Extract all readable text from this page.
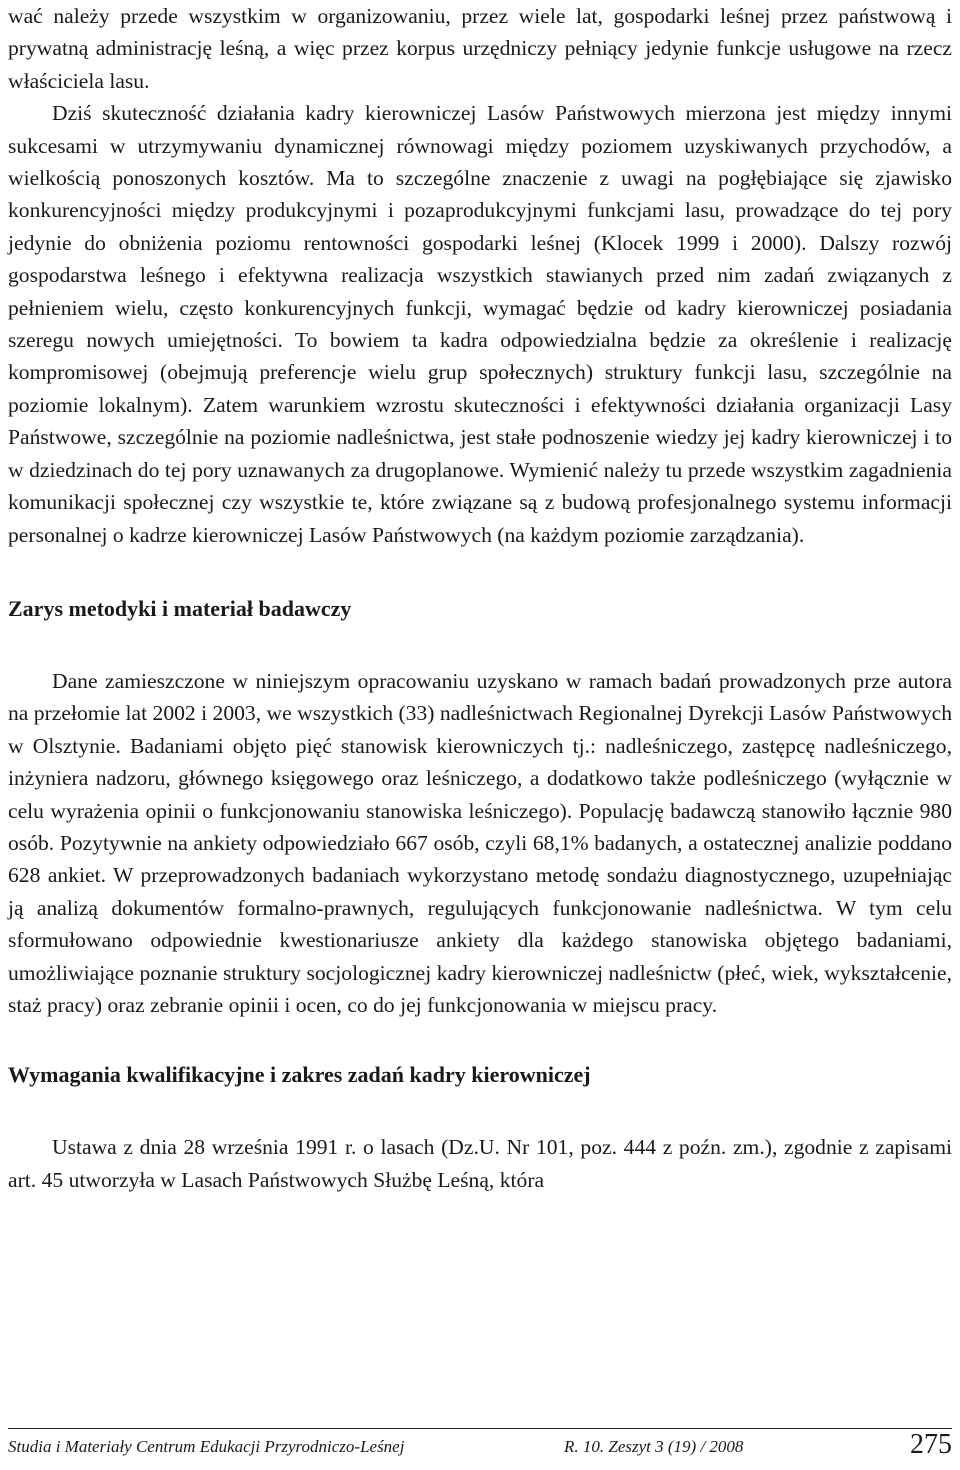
wać należy przede wszystkim w organizowaniu, przez wiele lat, gospodarki leśnej przez państwową i prywatną administrację leśną, a więc przez korpus urzędniczy pełniący jedynie funkcje usługowe na rzecz właściciela lasu.

Dziś skuteczność działania kadry kierowniczej Lasów Państwowych mierzona jest między innymi sukcesami w utrzymywaniu dynamicznej równowagi między poziomem uzyskiwanych przychodów, a wielkością ponoszonych kosztów. Ma to szczególne znaczenie z uwagi na pogłębiające się zjawisko konkurencyjności między produkcyjnymi i pozaprodukcyjnymi funkcjami lasu, prowadzące do tej pory jedynie do obniżenia poziomu rentowności gospodarki leśnej (Klocek 1999 i 2000). Dalszy rozwój gospodarstwa leśnego i efektywna realizacja wszystkich stawianych przed nim zadań związanych z pełnieniem wielu, często konkurencyjnych funkcji, wymagać będzie od kadry kierowniczej posiadania szeregu nowych umiejętności. To bowiem ta kadra odpowiedzialna będzie za określenie i realizację kompromisowej (obejmują preferencje wielu grup społecznych) struktury funkcji lasu, szczególnie na poziomie lokalnym). Zatem warunkiem wzrostu skuteczności i efektywności działania organizacji Lasy Państwowe, szczególnie na poziomie nadleśnictwa, jest stałe podnoszenie wiedzy jej kadry kierowniczej i to w dziedzinach do tej pory uznawanych za drugoplanowe. Wymienić należy tu przede wszystkim zagadnienia komunikacji społecznej czy wszystkie te, które związane są z budową profesjonalnego systemu informacji personalnej o kadrze kierowniczej Lasów Państwowych (na każdym poziomie zarządzania).

Zarys metodyki i materiał badawczy

Dane zamieszczone w niniejszym opracowaniu uzyskano w ramach badań prowadzonych prze autora na przełomie lat 2002 i 2003, we wszystkich (33) nadleśnictwach Regionalnej Dyrekcji Lasów Państwowych w Olsztynie. Badaniami objęto pięć stanowisk kierowniczych tj.: nadleśniczego, zastępcę nadleśniczego, inżyniera nadzoru, głównego księgowego oraz leśniczego, a dodatkowo także podleśniczego (wyłącznie w celu wyrażenia opinii o funkcjonowaniu stanowiska leśniczego). Populację badawczą stanowiło łącznie 980 osób. Pozytywnie na ankiety odpowiedziało 667 osób, czyli 68,1% badanych, a ostatecznej analizie poddano 628 ankiet. W przeprowadzonych badaniach wykorzystano metodę sondażu diagnostycznego, uzupełniając ją analizą dokumentów formalno-prawnych, regulujących funkcjonowanie nadleśnictwa. W tym celu sformułowano odpowiednie kwestionariusze ankiety dla każdego stanowiska objętego badaniami, umożliwiające poznanie struktury socjologicznej kadry kierowniczej nadleśnictw (płeć, wiek, wykształcenie, staż pracy) oraz zebranie opinii i ocen, co do jej funkcjonowania w miejscu pracy.

Wymagania kwalifikacyjne i zakres zadań kadry kierowniczej

Ustawa z dnia 28 września 1991 r. o lasach (Dz.U. Nr 101, poz. 444 z poźn. zm.), zgodnie z zapisami art. 45 utworzyła w Lasach Państwowych Służbę Leśną, która

Studia i Materiały Centrum Edukacji Przyrodniczo-Leśnej	R. 10. Zeszyt 3 (19) / 2008	275
